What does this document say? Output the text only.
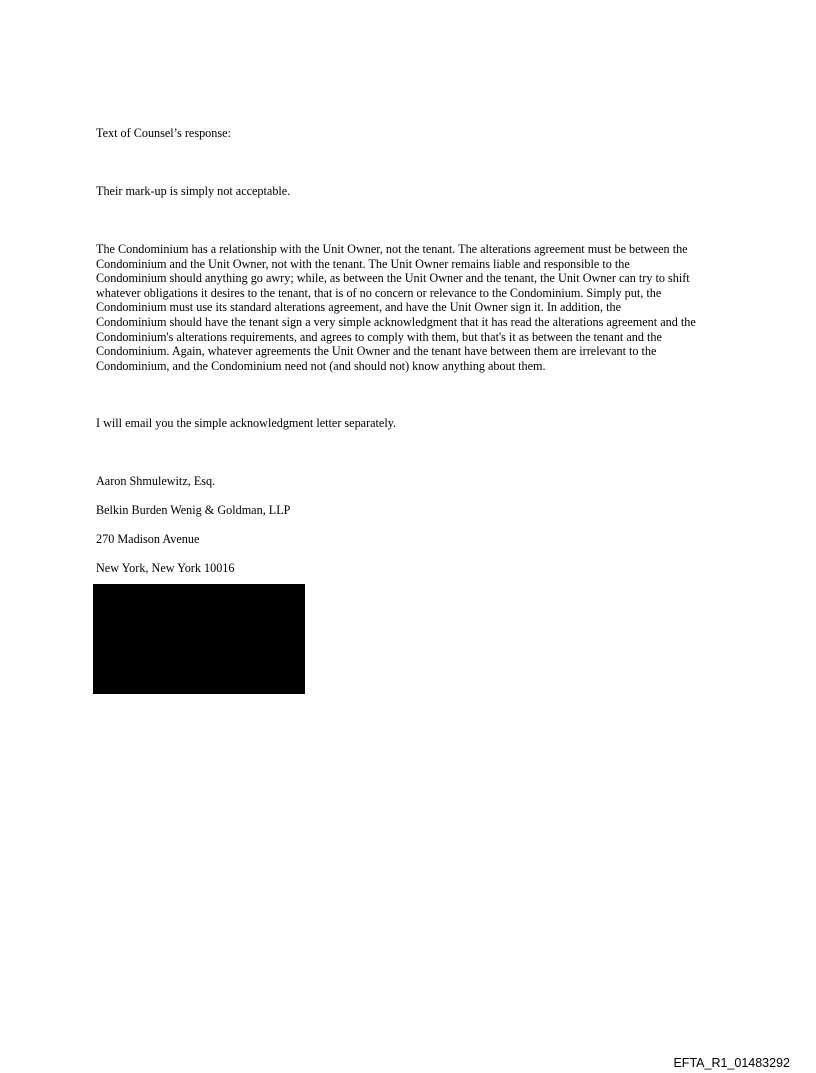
Text of Counsel’s response:
Their mark-up is simply not acceptable.
The Condominium has a relationship with the Unit Owner, not the tenant. The alterations agreement must be between the
Condominium and the Unit Owner, not with the tenant. The Unit Owner remains liable and responsible to the
Condominium should anything go awry; while, as between the Unit Owner and the tenant, the Unit Owner can try to shift
whatever obligations it desires to the tenant, that is of no concern or relevance to the Condominium. Simply put, the
Condominium must use its standard alterations agreement, and have the Unit Owner sign it. In addition, the
Condominium should have the tenant sign a very simple acknowledgment that it has read the alterations agreement and the
Condominium's alterations requirements, and agrees to comply with them, but that's it as between the tenant and the
Condominium. Again, whatever agreements the Unit Owner and the tenant have between them are irrelevant to the
Condominium, and the Condominium need not (and should not) know anything about them.
I will email you the simple acknowledgment letter separately.
Aaron Shmulewitz, Esq.
Belkin Burden Wenig & Goldman, LLP
270 Madison Avenue
New York, New York 10016
EFTA_R1_01483292
